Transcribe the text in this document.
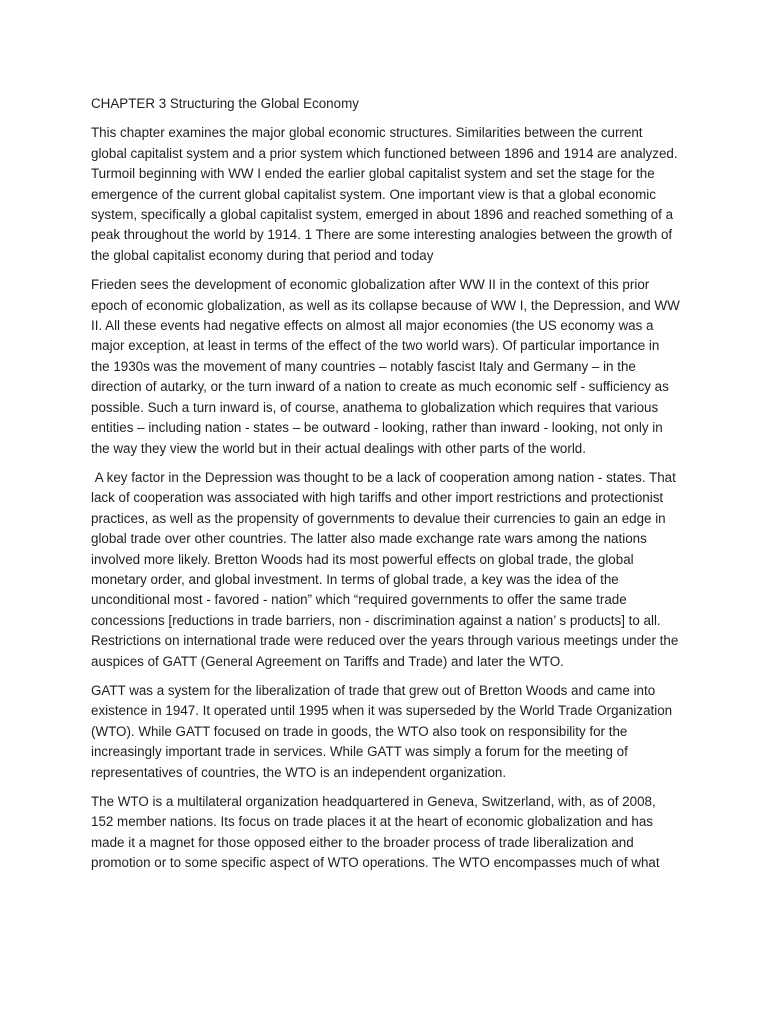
CHAPTER 3 Structuring the Global Economy

This chapter examines the major global economic structures. Similarities between the current global capitalist system and a prior system which functioned between 1896 and 1914 are analyzed. Turmoil beginning with WW I ended the earlier global capitalist system and set the stage for the emergence of the current global capitalist system. One important view is that a global economic system, specifically a global capitalist system, emerged in about 1896 and reached something of a peak throughout the world by 1914. 1 There are some interesting analogies between the growth of the global capitalist economy during that period and today

Frieden sees the development of economic globalization after WW II in the context of this prior epoch of economic globalization, as well as its collapse because of WW I, the Depression, and WW II. All these events had negative effects on almost all major economies (the US economy was a major exception, at least in terms of the effect of the two world wars). Of particular importance in the 1930s was the movement of many countries – notably fascist Italy and Germany – in the direction of autarky, or the turn inward of a nation to create as much economic self - sufficiency as possible. Such a turn inward is, of course, anathema to globalization which requires that various entities – including nation - states – be outward - looking, rather than inward - looking, not only in the way they view the world but in their actual dealings with other parts of the world.

A key factor in the Depression was thought to be a lack of cooperation among nation - states. That lack of cooperation was associated with high tariffs and other import restrictions and protectionist practices, as well as the propensity of governments to devalue their currencies to gain an edge in global trade over other countries. The latter also made exchange rate wars among the nations involved more likely. Bretton Woods had its most powerful effects on global trade, the global monetary order, and global investment. In terms of global trade, a key was the idea of the unconditional most - favored - nation” which “required governments to offer the same trade concessions [reductions in trade barriers, non - discrimination against a nation’ s products] to all. Restrictions on international trade were reduced over the years through various meetings under the auspices of GATT (General Agreement on Tariffs and Trade) and later the WTO.

GATT was a system for the liberalization of trade that grew out of Bretton Woods and came into existence in 1947. It operated until 1995 when it was superseded by the World Trade Organization (WTO). While GATT focused on trade in goods, the WTO also took on responsibility for the increasingly important trade in services. While GATT was simply a forum for the meeting of representatives of countries, the WTO is an independent organization.

The WTO is a multilateral organization headquartered in Geneva, Switzerland, with, as of 2008, 152 member nations. Its focus on trade places it at the heart of economic globalization and has made it a magnet for those opposed either to the broader process of trade liberalization and promotion or to some specific aspect of WTO operations. The WTO encompasses much of what
